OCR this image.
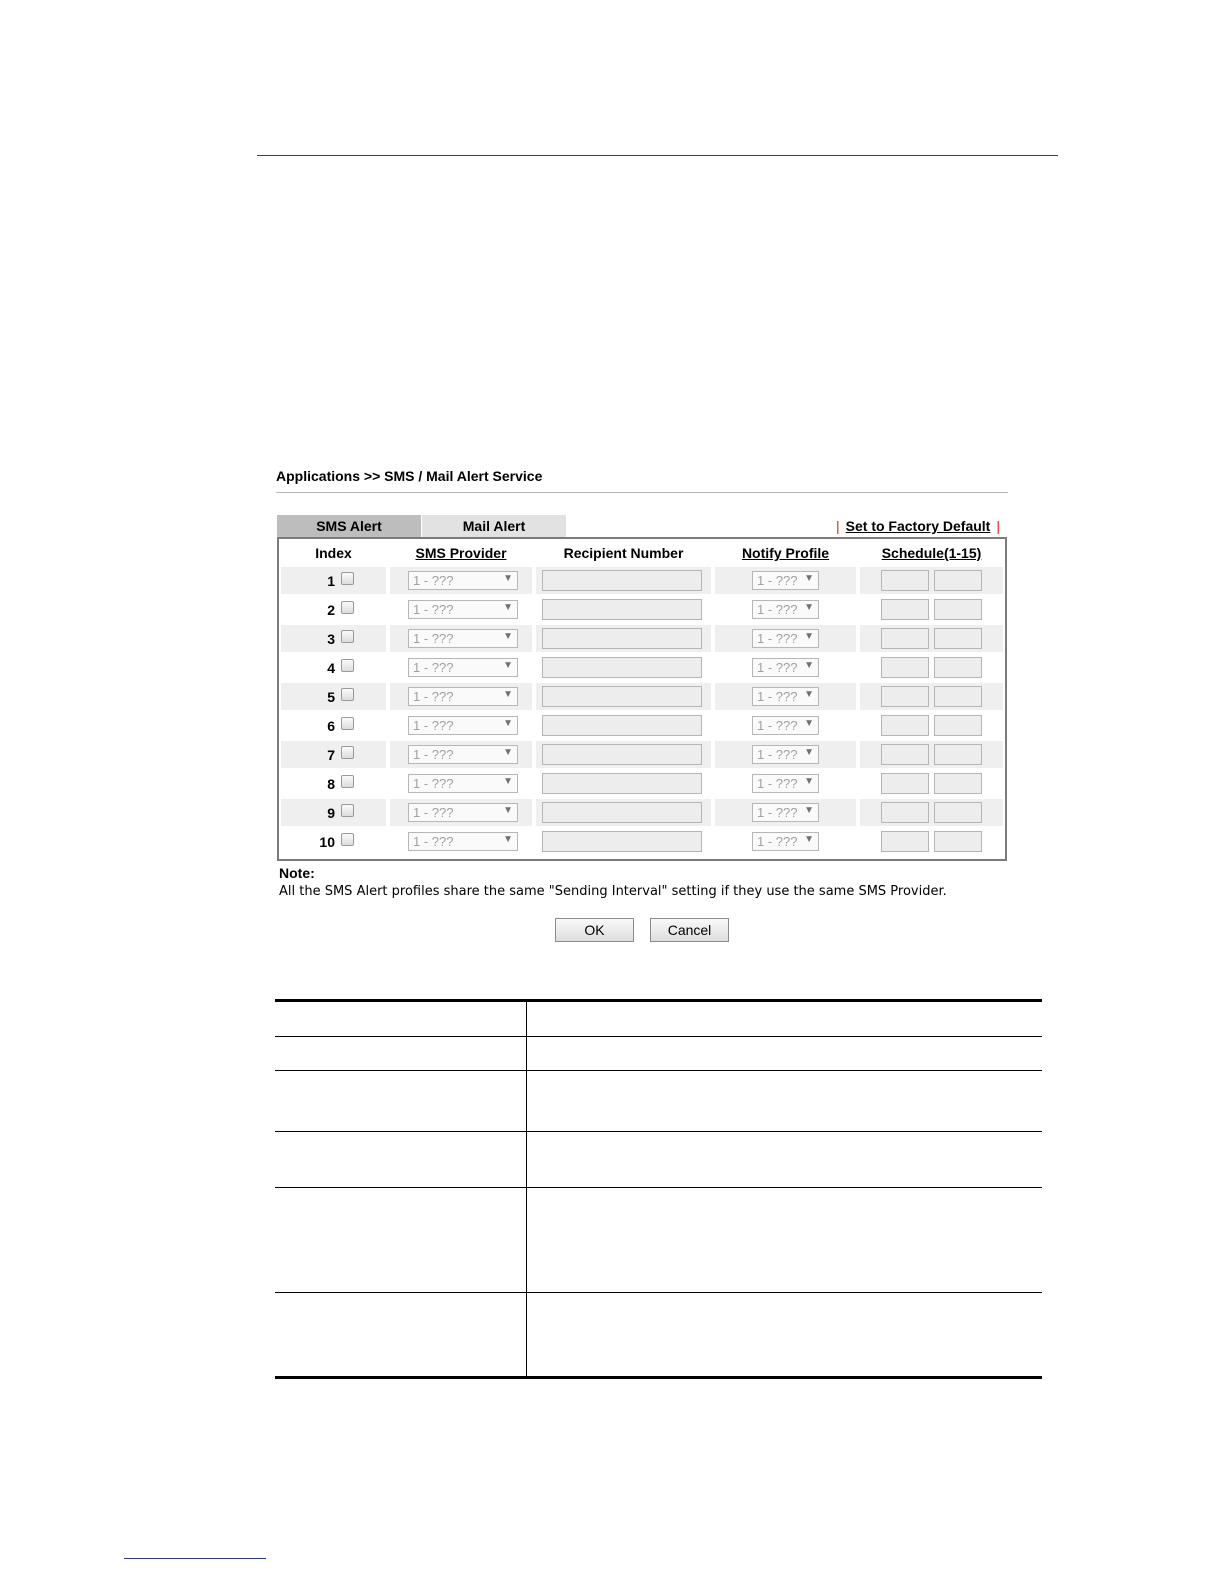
Applications >> SMS / Mail Alert Service
SMS Alert	Mail Alert	| Set to Factory Default |
Index	SMS Provider	Recipient Number	Notify Profile	Schedule(1-15)

1	1 - ??? ▼		1 - ??? ▼	

2	1 - ??? ▼		1 - ??? ▼	

3	1 - ??? ▼		1 - ??? ▼	

4	1 - ??? ▼		1 - ??? ▼	

5	1 - ??? ▼		1 - ??? ▼	

6	1 - ??? ▼		1 - ??? ▼	

7	1 - ??? ▼		1 - ??? ▼	

8	1 - ??? ▼		1 - ??? ▼	

9	1 - ??? ▼		1 - ??? ▼	

10	1 - ??? ▼		1 - ??? ▼	

Note:
All the SMS Alert profiles share the same "Sending Interval" setting if they use the same SMS Provider.
OK	Cancel
